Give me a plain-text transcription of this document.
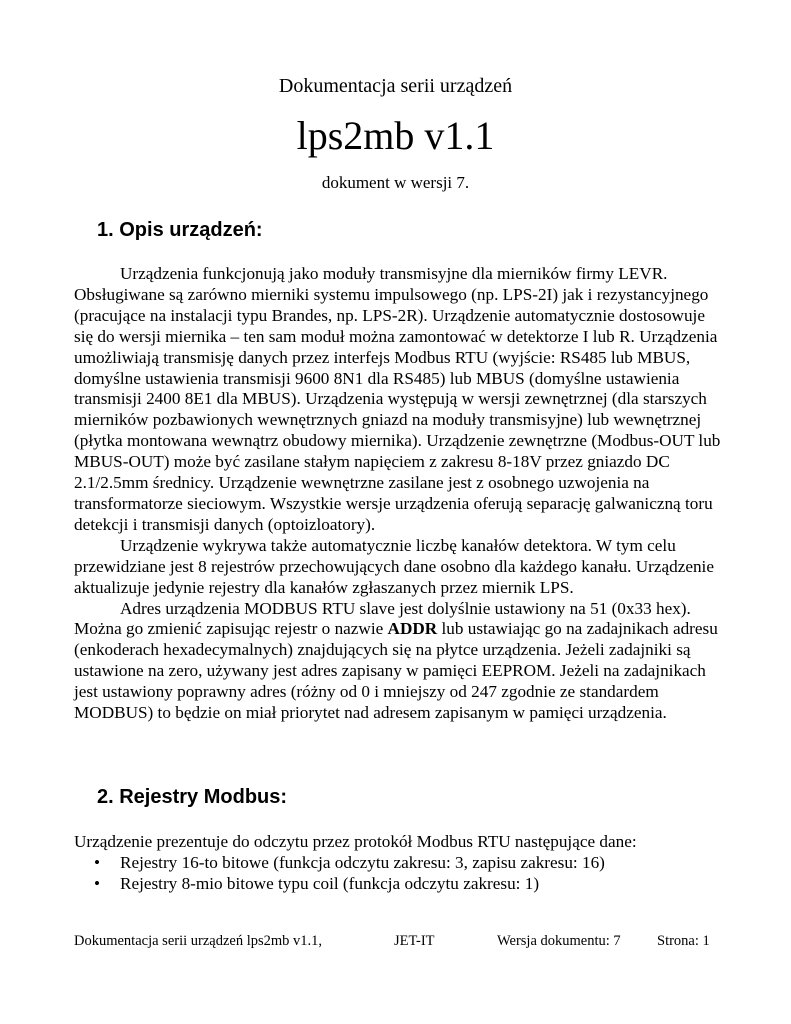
Dokumentacja serii urządzeń
lps2mb v1.1
dokument w wersji 7.
1. Opis urządzeń:

Urządzenia funkcjonują jako moduły transmisyjne dla mierników firmy LEVR. Obsługiwane są zarówno mierniki systemu impulsowego (np. LPS-2I) jak i rezystancyjnego (pracujące na instalacji typu Brandes, np. LPS-2R). Urządzenie automatycznie dostosowuje się do wersji miernika – ten sam moduł można zamontować w detektorze I lub R. Urządzenia umożliwiają transmisję danych przez interfejs Modbus RTU (wyjście: RS485 lub MBUS, domyślne ustawienia transmisji 9600 8N1 dla RS485) lub MBUS (domyślne ustawienia transmisji 2400 8E1 dla MBUS). Urządzenia występują w wersji zewnętrznej (dla starszych mierników pozbawionych wewnętrznych gniazd na moduły transmisyjne) lub wewnętrznej (płytka montowana wewnątrz obudowy miernika). Urządzenie zewnętrzne (Modbus-OUT lub MBUS-OUT) może być zasilane stałym napięciem z zakresu 8-18V przez gniazdo DC 2.1/2.5mm średnicy. Urządzenie wewnętrzne zasilane jest z osobnego uzwojenia na transformatorze sieciowym. Wszystkie wersje urządzenia oferują separację galwaniczną toru detekcji i transmisji danych (optoizloatory).

Urządzenie wykrywa także automatycznie liczbę kanałów detektora. W tym celu przewidziane jest 8 rejestrów przechowujących dane osobno dla każdego kanału. Urządzenie aktualizuje jedynie rejestry dla kanałów zgłaszanych przez miernik LPS.

Adres urządzenia MODBUS RTU slave jest dolyślnie ustawiony na 51 (0x33 hex). Można go zmienić zapisując rejestr o nazwie ADDR lub ustawiając go na zadajnikach adresu (enkoderach hexadecymalnych) znajdujących się na płytce urządzenia. Jeżeli zadajniki są ustawione na zero, używany jest adres zapisany w pamięci EEPROM. Jeżeli na zadajnikach jest ustawiony poprawny adres (różny od 0 i mniejszy od 247 zgodnie ze standardem MODBUS) to będzie on miał priorytet nad adresem zapisanym w pamięci urządzenia.

2. Rejestry Modbus:

Urządzenie prezentuje do odczytu przez protokół Modbus RTU następujące dane:

• Rejestry 16-to bitowe (funkcja odczytu zakresu: 3, zapisu zakresu: 16)
• Rejestry 8-mio bitowe typu coil (funkcja odczytu zakresu: 1)
Dokumentacja serii urządzeń lps2mb v1.1,	JET-IT	Wersja dokumentu: 7	Strona: 1
